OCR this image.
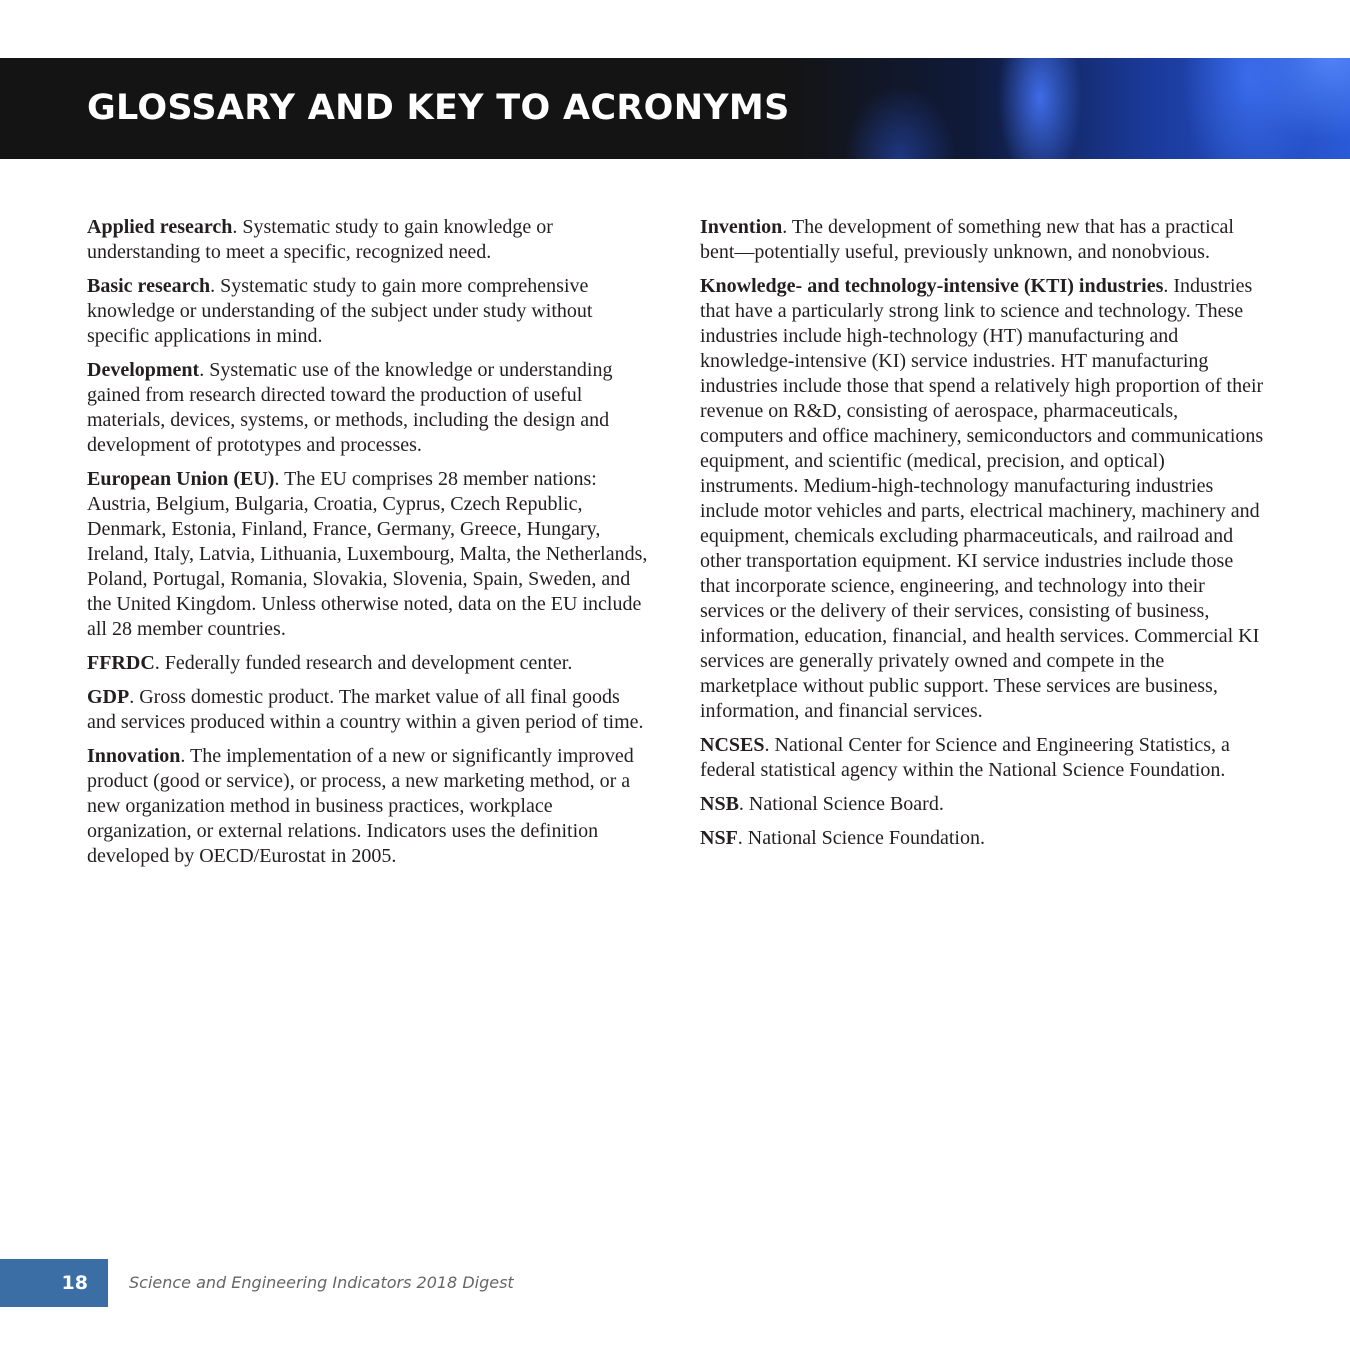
GLOSSARY AND KEY TO ACRONYMS

Applied research. Systematic study to gain knowledge or understanding to meet a specific, recognized need.

Basic research. Systematic study to gain more comprehensive knowledge or understanding of the subject under study without specific applications in mind.

Development. Systematic use of the knowledge or understanding gained from research directed toward the production of useful materials, devices, systems, or methods, including the design and development of prototypes and processes.

European Union (EU). The EU comprises 28 member nations: Austria, Belgium, Bulgaria, Croatia, Cyprus, Czech Republic, Denmark, Estonia, Finland, France, Germany, Greece, Hungary, Ireland, Italy, Latvia, Lithuania, Luxembourg, Malta, the Netherlands, Poland, Portugal, Romania, Slovakia, Slovenia, Spain, Sweden, and the United Kingdom. Unless otherwise noted, data on the EU include all 28 member countries.

FFRDC. Federally funded research and development center.

GDP. Gross domestic product. The market value of all final goods and services produced within a country within a given period of time.

Innovation. The implementation of a new or significantly improved product (good or service), or process, a new marketing method, or a new organization method in business practices, workplace organization, or external relations. Indicators uses the definition developed by OECD/Eurostat in 2005.

Invention. The development of something new that has a practical bent—potentially useful, previously unknown, and nonobvious.

Knowledge- and technology-intensive (KTI) industries. Industries that have a particularly strong link to science and technology. These industries include high-technology (HT) manufacturing and knowledge-intensive (KI) service industries. HT manufacturing industries include those that spend a relatively high proportion of their revenue on R&D, consisting of aerospace, pharmaceuticals, computers and office machinery, semiconductors and communications equipment, and scientific (medical, precision, and optical) instruments. Medium-high-technology manufacturing industries include motor vehicles and parts, electrical machinery, machinery and equipment, chemicals excluding pharmaceuticals, and railroad and other transportation equipment. KI service industries include those that incorporate science, engineering, and technology into their services or the delivery of their services, consisting of business, information, education, financial, and health services. Commercial KI services are generally privately owned and compete in the marketplace without public support. These services are business, information, and financial services.

NCSES. National Center for Science and Engineering Statistics, a federal statistical agency within the National Science Foundation.

NSB. National Science Board.

NSF. National Science Foundation.

18	Science and Engineering Indicators 2018 Digest
